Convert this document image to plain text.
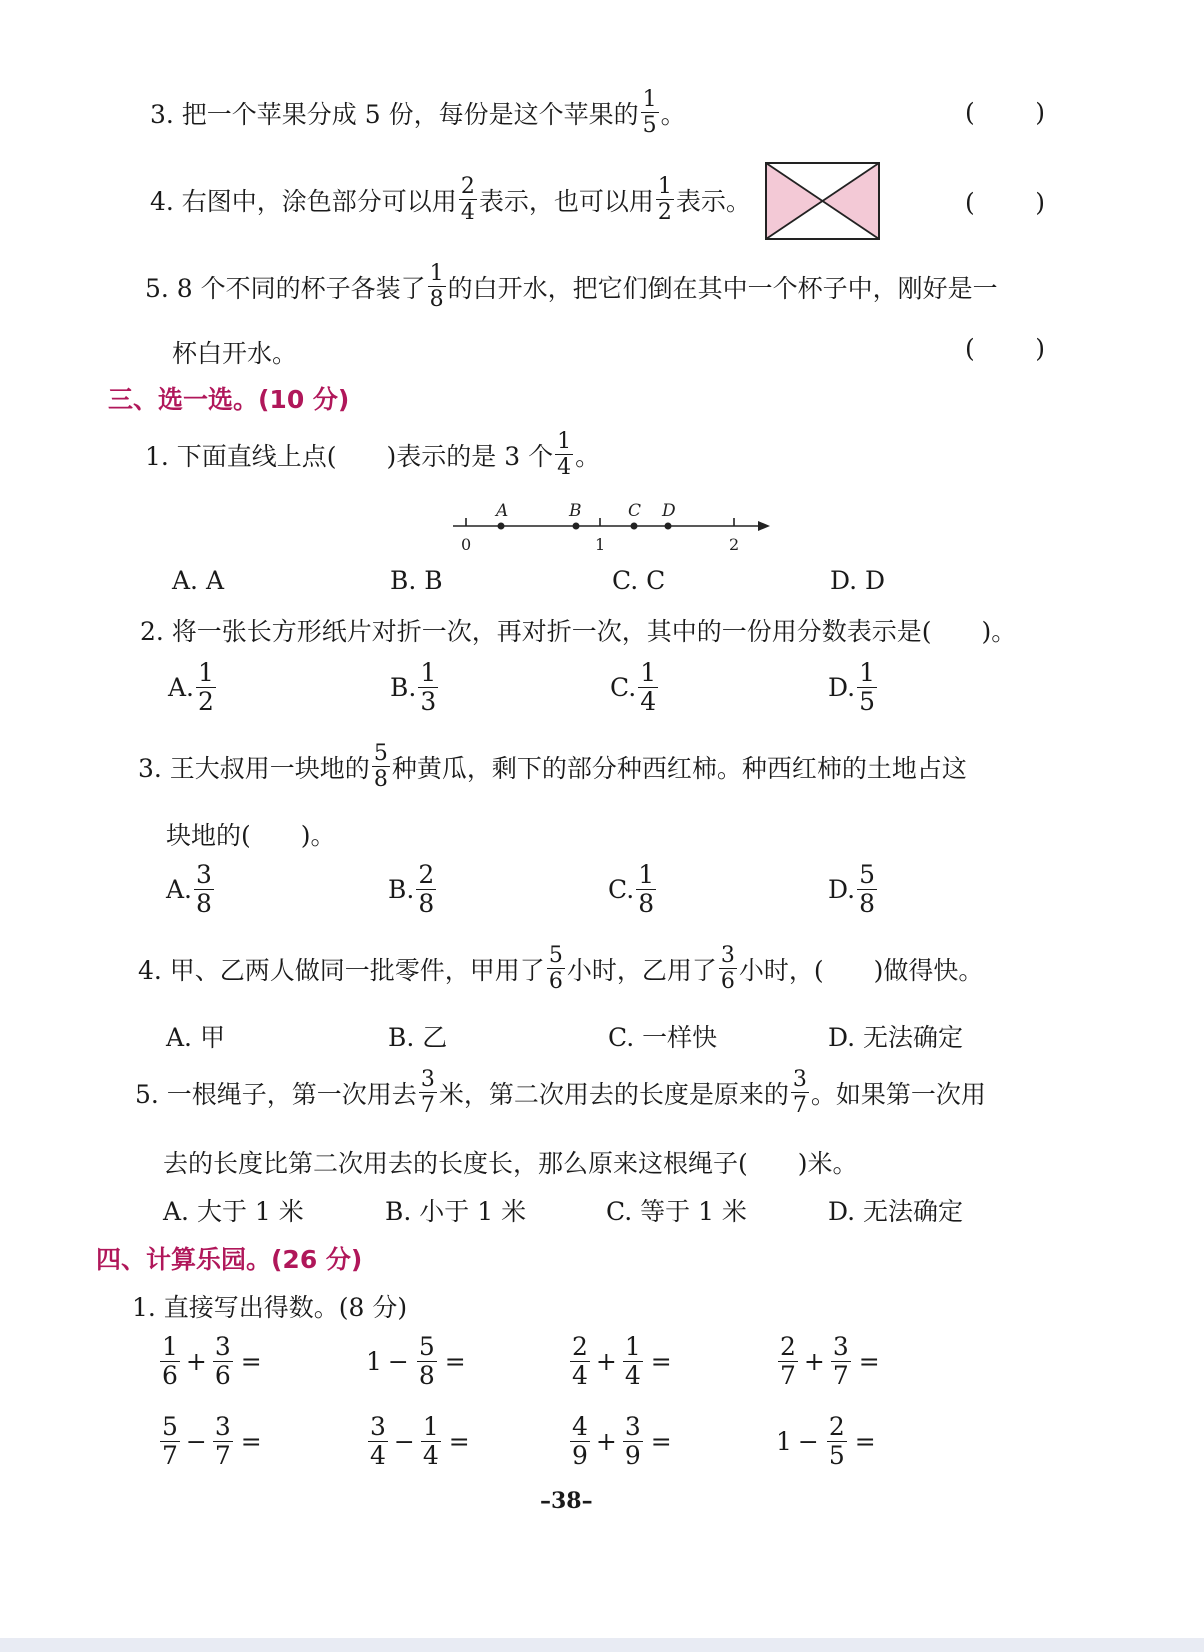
3. 把一个苹果分成 5 份，每份是这个苹果的 $\frac{1}{5}$ 。	( )
4. 右图中，涂色部分可以用 $\frac{2}{4}$ 表示，也可以用 $\frac{1}{2}$ 表示。	( )
5. 8 个不同的杯子各装了 $\frac{1}{8}$ 的白开水，把它们倒在其中一个杯子中，刚好是一
杯白开水。	( )
三、选一选。(10 分)
1. 下面直线上点(　　)表示的是 3 个 $\frac{1}{4}$ 。
A	B	C D
0	1	2
A. A	B. B	C. C	D. D
2. 将一张长方形纸片对折一次，再对折一次，其中的一份用分数表示是(　　)。
A. $\frac{1}{2}$	B. $\frac{1}{3}$	C. $\frac{1}{4}$	D. $\frac{1}{5}$
3. 王大叔用一块地的 $\frac{5}{8}$ 种黄瓜，剩下的部分种西红柿。种西红柿的土地占这
块地的(　　)。
A. $\frac{3}{8}$	B. $\frac{2}{8}$	C. $\frac{1}{8}$	D. $\frac{5}{8}$
4. 甲、乙两人做同一批零件，甲用了 $\frac{5}{6}$ 小时，乙用了 $\frac{3}{6}$ 小时，(　　)做得快。
A. 甲	B. 乙	C. 一样快	D. 无法确定
5. 一根绳子，第一次用去 $\frac{3}{7}$ 米，第二次用去的长度是原来的 $\frac{3}{7}$ 。如果第一次用
去的长度比第二次用去的长度长，那么原来这根绳子(　　)米。
A. 大于 1 米	B. 小于 1 米	C. 等于 1 米	D. 无法确定
四、计算乐园。(26 分)
1. 直接写出得数。(8 分)
$\frac{1}{6} + \frac{3}{6}$ =	$1 - \frac{5}{8}$ =	$\frac{2}{4} + \frac{1}{4}$ =	$\frac{2}{7} + \frac{3}{7}$ =
$\frac{5}{7} - \frac{3}{7}$ =	$\frac{3}{4} - \frac{1}{4}$ =	$\frac{4}{9} + \frac{3}{9}$ =	$1 - \frac{2}{5}$ =
–38–
